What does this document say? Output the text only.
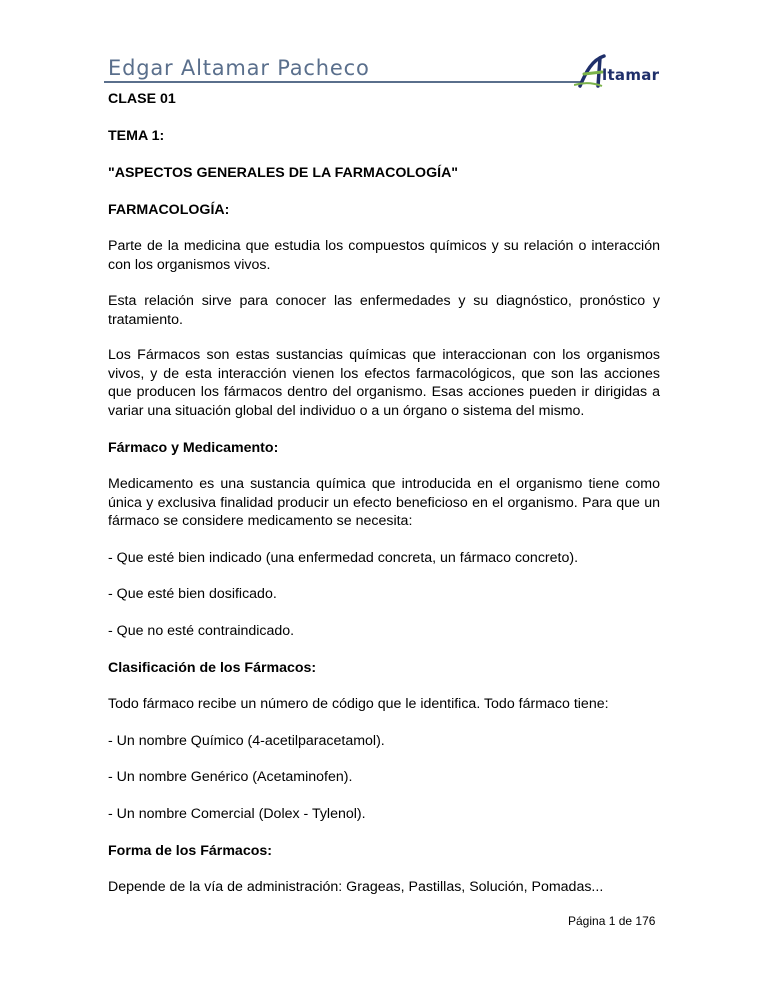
Edgar Altamar Pacheco	ltamar

CLASE 01

TEMA 1:

"ASPECTOS GENERALES DE LA FARMACOLOGÍA"

FARMACOLOGÍA:

Parte de la medicina que estudia los compuestos químicos y su relación o interacción con los organismos vivos.

Esta relación sirve para conocer las enfermedades y su diagnóstico, pronóstico y tratamiento.

Los Fármacos son estas sustancias químicas que interaccionan con los organismos vivos, y de esta interacción vienen los efectos farmacológicos, que son las acciones que producen los fármacos dentro del organismo. Esas acciones pueden ir dirigidas a variar una situación global del individuo o a un órgano o sistema del mismo.

Fármaco y Medicamento:

Medicamento es una sustancia química que introducida en el organismo tiene como única y exclusiva finalidad producir un efecto beneficioso en el organismo. Para que un fármaco se considere medicamento se necesita:

- Que esté bien indicado (una enfermedad concreta, un fármaco concreto).

- Que esté bien dosificado.

- Que no esté contraindicado.

Clasificación de los Fármacos:

Todo fármaco recibe un número de código que le identifica. Todo fármaco tiene:

- Un nombre Químico (4-acetilparacetamol).

- Un nombre Genérico (Acetaminofen).

- Un nombre Comercial (Dolex - Tylenol).

Forma de los Fármacos:

Depende de la vía de administración: Grageas, Pastillas, Solución, Pomadas...

Página 1 de 176
